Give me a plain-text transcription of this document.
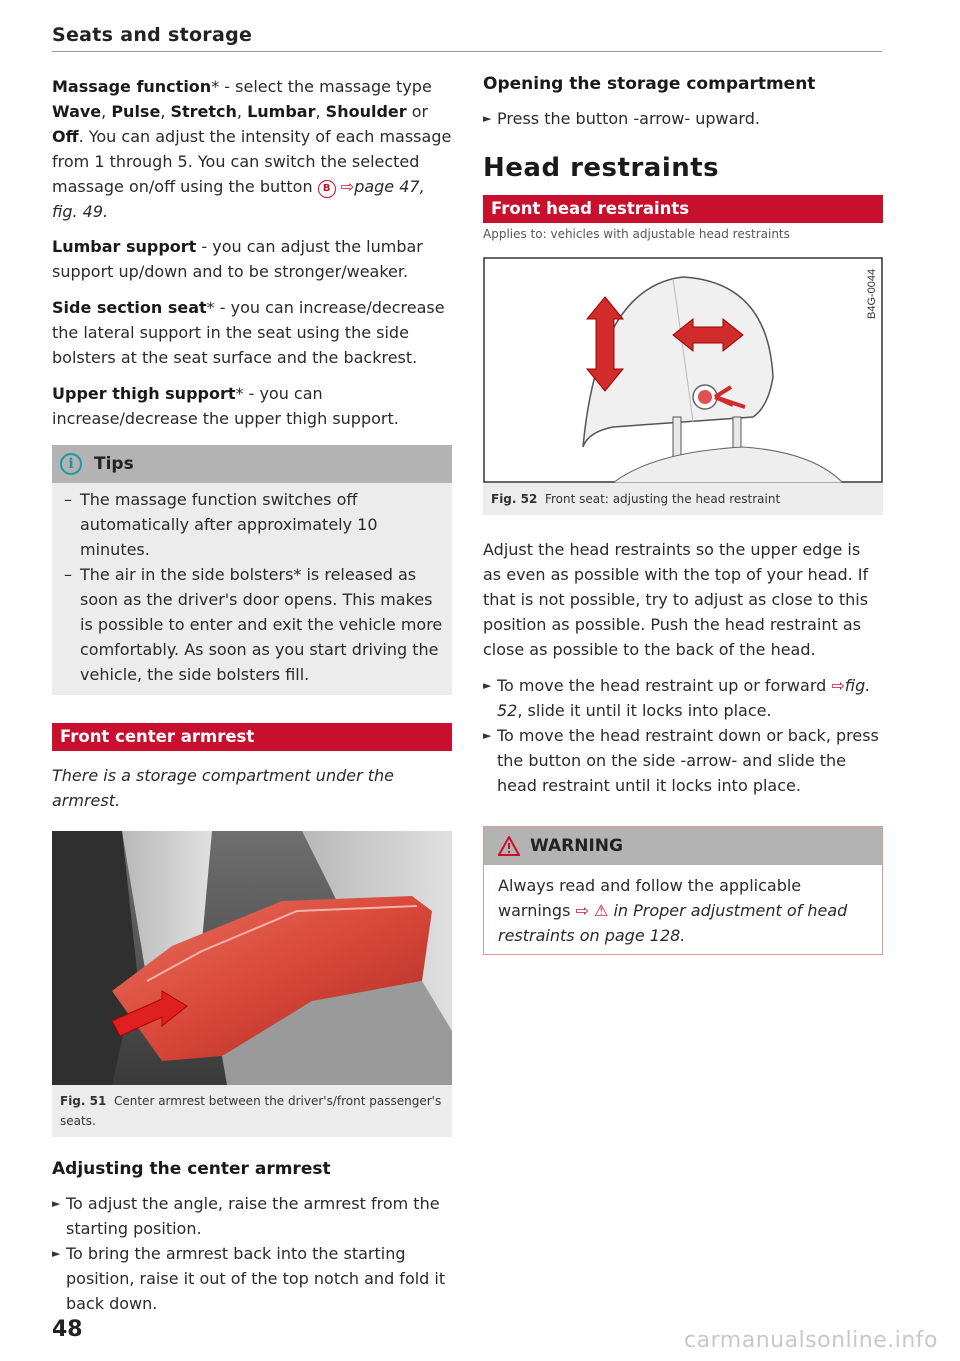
Seats and storage

Massage function* - select the massage type
Wave, Pulse, Stretch, Lumbar, Shoulder or Off. You can adjust the intensity of each massage from 1 through 5. You can switch the selected massage on/off using the button B ⇨page 47, fig. 49.

Lumbar support - you can adjust the lumbar support up/down and to be stronger/weaker.

Side section seat* - you can increase/decrease the lateral support in the seat using the side bolsters at the seat surface and the backrest.

Upper thigh support* - you can increase/decrease the upper thigh support.

i	Tips
– The massage function switches off automatically after approximately 10 minutes.
– The air in the side bolsters* is released as soon as the driver's door opens. This makes is possible to enter and exit the vehicle more comfortably. As soon as you start driving the vehicle, the side bolsters fill.
Front center armrest

There is a storage compartment under the armrest.

B4G-0043
Fig. 51 Center armrest between the driver's/front passenger's seats.
Adjusting the center armrest
► To adjust the angle, raise the armrest from the starting position.
► To bring the armrest back into the starting position, raise it out of the top notch and fold it back down.
Opening the storage compartment
► Press the button -arrow- upward.
Head restraints
Front head restraints
Applies to: vehicles with adjustable head restraints
B4G-0044
Fig. 52 Front seat: adjusting the head restraint

Adjust the head restraints so the upper edge is as even as possible with the top of your head. If that is not possible, try to adjust as close to this position as possible. Push the head restraint as close as possible to the back of the head.

► To move the head restraint up or forward ⇨fig. 52, slide it until it locks into place.
► To move the head restraint down or back, press the button on the side -arrow- and slide the head restraint until it locks into place.
WARNING

Always read and follow the applicable warnings ⇨ ⚠ in Proper adjustment of head restraints on page 128.

48	carmanualsonline.info
